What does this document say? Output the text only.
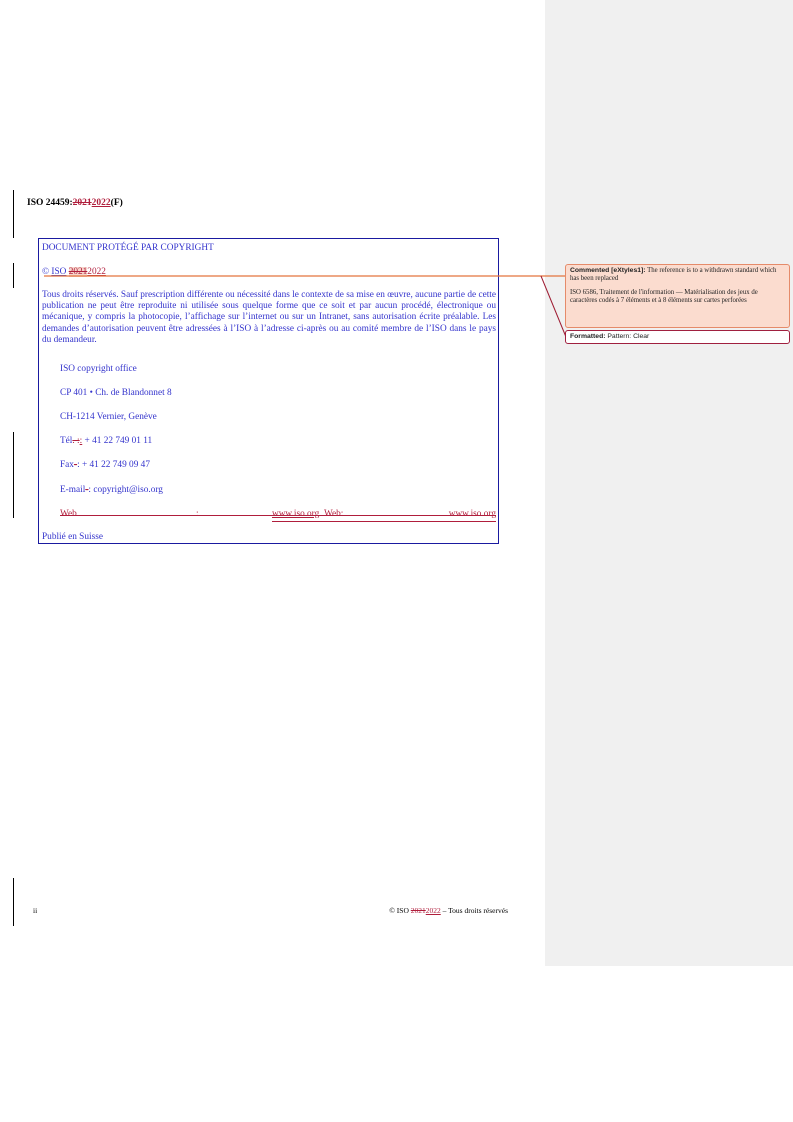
ISO 24459:20212022(F)
DOCUMENT PROTÉGÉ PAR COPYRIGHT
© ISO 20212022
Tous droits réservés. Sauf prescription différente ou nécessité dans le contexte de sa mise en œuvre, aucune partie de cette publication ne peut être reproduite ni utilisée sous quelque forme que ce soit et par aucun procédé, électronique ou mécanique, y compris la photocopie, l’affichage sur l’internet ou sur un Intranet, sans autorisation écrite préalable. Les demandes d’autorisation peuvent être adressées à l’ISO à l’adresse ci-après ou au comité membre de l’ISO dans le pays du demandeur.
ISO copyright office
CP 401 • Ch. de Blandonnet 8
CH-1214 Vernier, Genève
Tél. :: + 41 22 749 01 11
Fax-: + 41 22 749 09 47
E-mail-: copyright@iso.org
Web	:	www.iso.org Web:	www.iso.org
Publié en Suisse
Commented [eXtyles1]: The reference is to a withdrawn standard which has been replaced
ISO 6586, Traitement de l'information — Matérialisation des jeux de caractères codés à 7 éléments et à 8 éléments sur cartes perforées
Formatted: Pattern: Clear
ii	© ISO 20212022 – Tous droits réservés
